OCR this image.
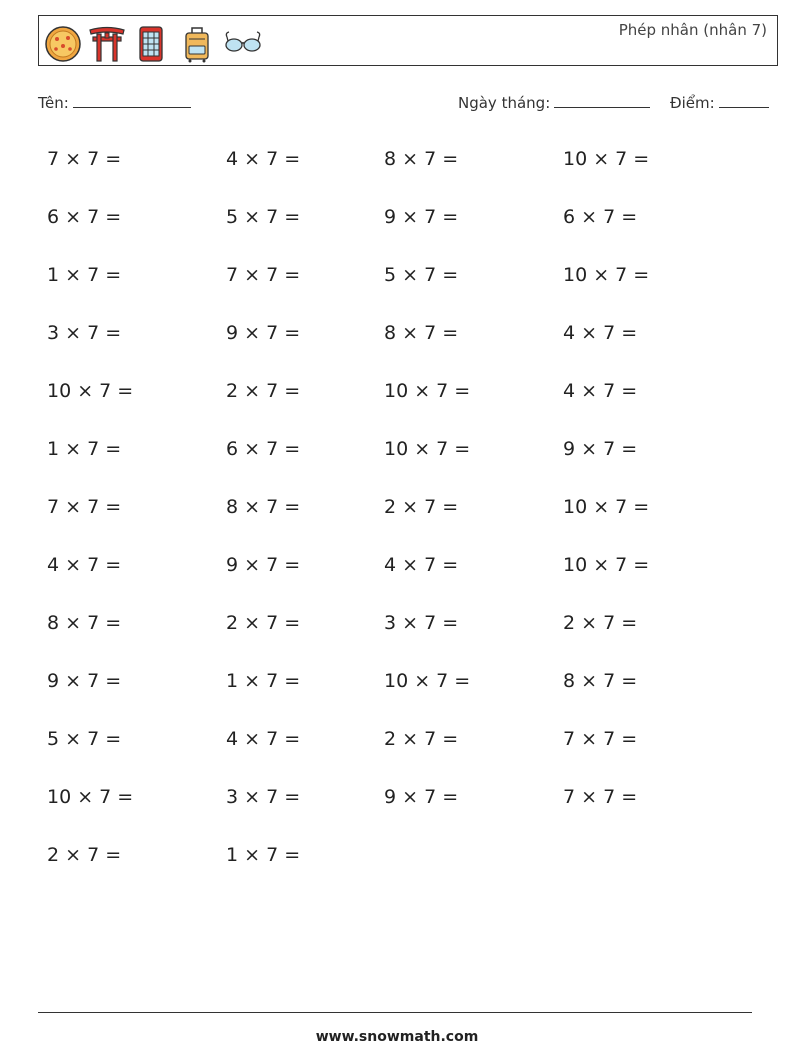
Phép nhân (nhân 7)
Tên:	Ngày tháng:	Điểm:
7 × 7 =	4 × 7 =	8 × 7 =	10 × 7 =
6 × 7 =	5 × 7 =	9 × 7 =	6 × 7 =
1 × 7 =	7 × 7 =	5 × 7 =	10 × 7 =
3 × 7 =	9 × 7 =	8 × 7 =	4 × 7 =
10 × 7 =	2 × 7 =	10 × 7 =	4 × 7 =
1 × 7 =	6 × 7 =	10 × 7 =	9 × 7 =
7 × 7 =	8 × 7 =	2 × 7 =	10 × 7 =
4 × 7 =	9 × 7 =	4 × 7 =	10 × 7 =
8 × 7 =	2 × 7 =	3 × 7 =	2 × 7 =
9 × 7 =	1 × 7 =	10 × 7 =	8 × 7 =
5 × 7 =	4 × 7 =	2 × 7 =	7 × 7 =
10 × 7 =	3 × 7 =	9 × 7 =	7 × 7 =
2 × 7 =	1 × 7 =
www.snowmath.com
